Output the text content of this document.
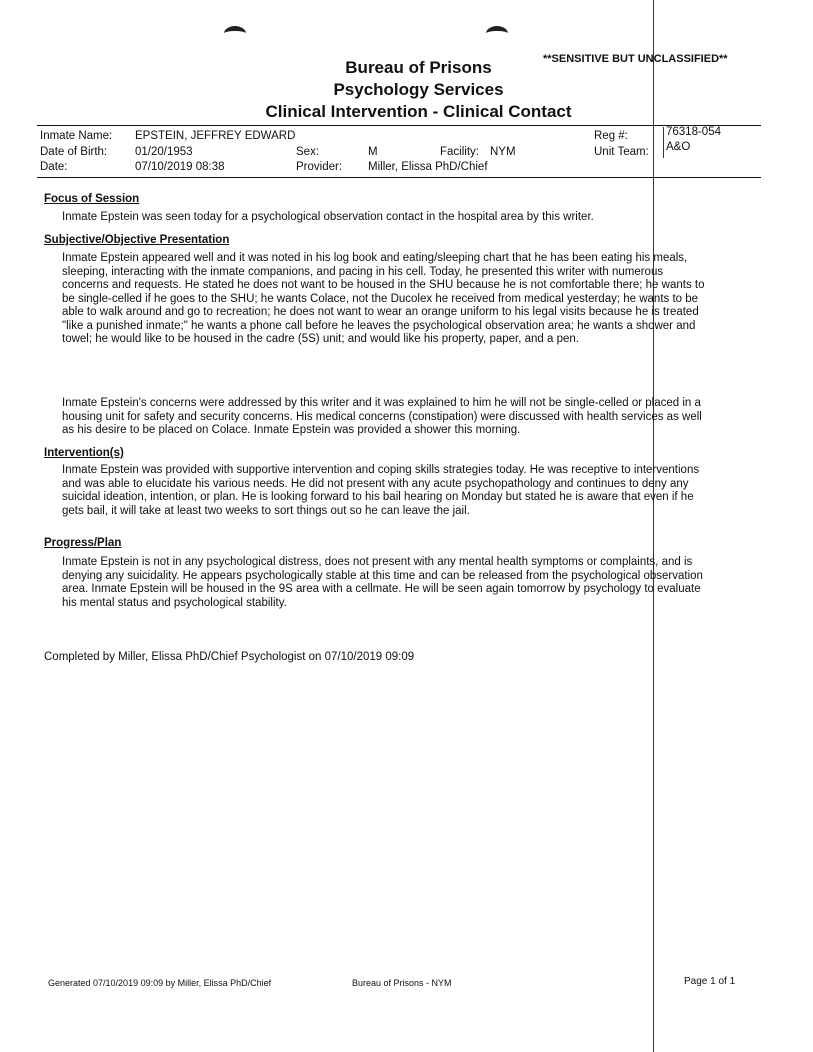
**SENSITIVE BUT UNCLASSIFIED**
Bureau of Prisons
Psychology Services
Clinical Intervention - Clinical Contact
Inmate Name: EPSTEIN, JEFFREY EDWARD
Date of Birth: 01/20/1953
Date:	07/10/2019 08:38
Sex:	M
Provider: Miller, Elissa PhD/Chief
Facility: NYM
Reg #:	76318-054
Unit Team: A&O
Focus of Session
Inmate Epstein was seen today for a psychological observation contact in the hospital area by this writer.
Subjective/Objective Presentation
Inmate Epstein appeared well and it was noted in his log book and eating/sleeping chart that he has been eating his meals, sleeping, interacting with the inmate companions, and pacing in his cell. Today, he presented this writer with numerous concerns and requests. He stated he does not want to be housed in the SHU because he is not comfortable there; he wants to be single-celled if he goes to the SHU; he wants Colace, not the Ducolex he received from medical yesterday; he wants to be able to walk around and go to recreation; he does not want to wear an orange uniform to his legal visits because he is treated "like a punished inmate;" he wants a phone call before he leaves the psychological observation area; he wants a shower and towel; he would like to be housed in the cadre (5S) unit; and would like his property, paper, and a pen.
Inmate Epstein's concerns were addressed by this writer and it was explained to him he will not be single-celled or placed in a housing unit for safety and security concerns. His medical concerns (constipation) were discussed with health services as well as his desire to be placed on Colace. Inmate Epstein was provided a shower this morning.
Intervention(s)
Inmate Epstein was provided with supportive intervention and coping skills strategies today. He was receptive to interventions and was able to elucidate his various needs. He did not present with any acute psychopathology and continues to deny any suicidal ideation, intention, or plan. He is looking forward to his bail hearing on Monday but stated he is aware that even if he gets bail, it will take at least two weeks to sort things out so he can leave the jail.
Progress/Plan
Inmate Epstein is not in any psychological distress, does not present with any mental health symptoms or complaints, and is denying any suicidality. He appears psychologically stable at this time and can be released from the psychological observation area. Inmate Epstein will be housed in the 9S area with a cellmate. He will be seen again tomorrow by psychology to evaluate his mental status and psychological stability.
Completed by Miller, Elissa PhD/Chief Psychologist on 07/10/2019 09:09
Generated 07/10/2019 09:09 by Miller, Elissa PhD/Chief	Bureau of Prisons - NYM	Page 1 of 1
